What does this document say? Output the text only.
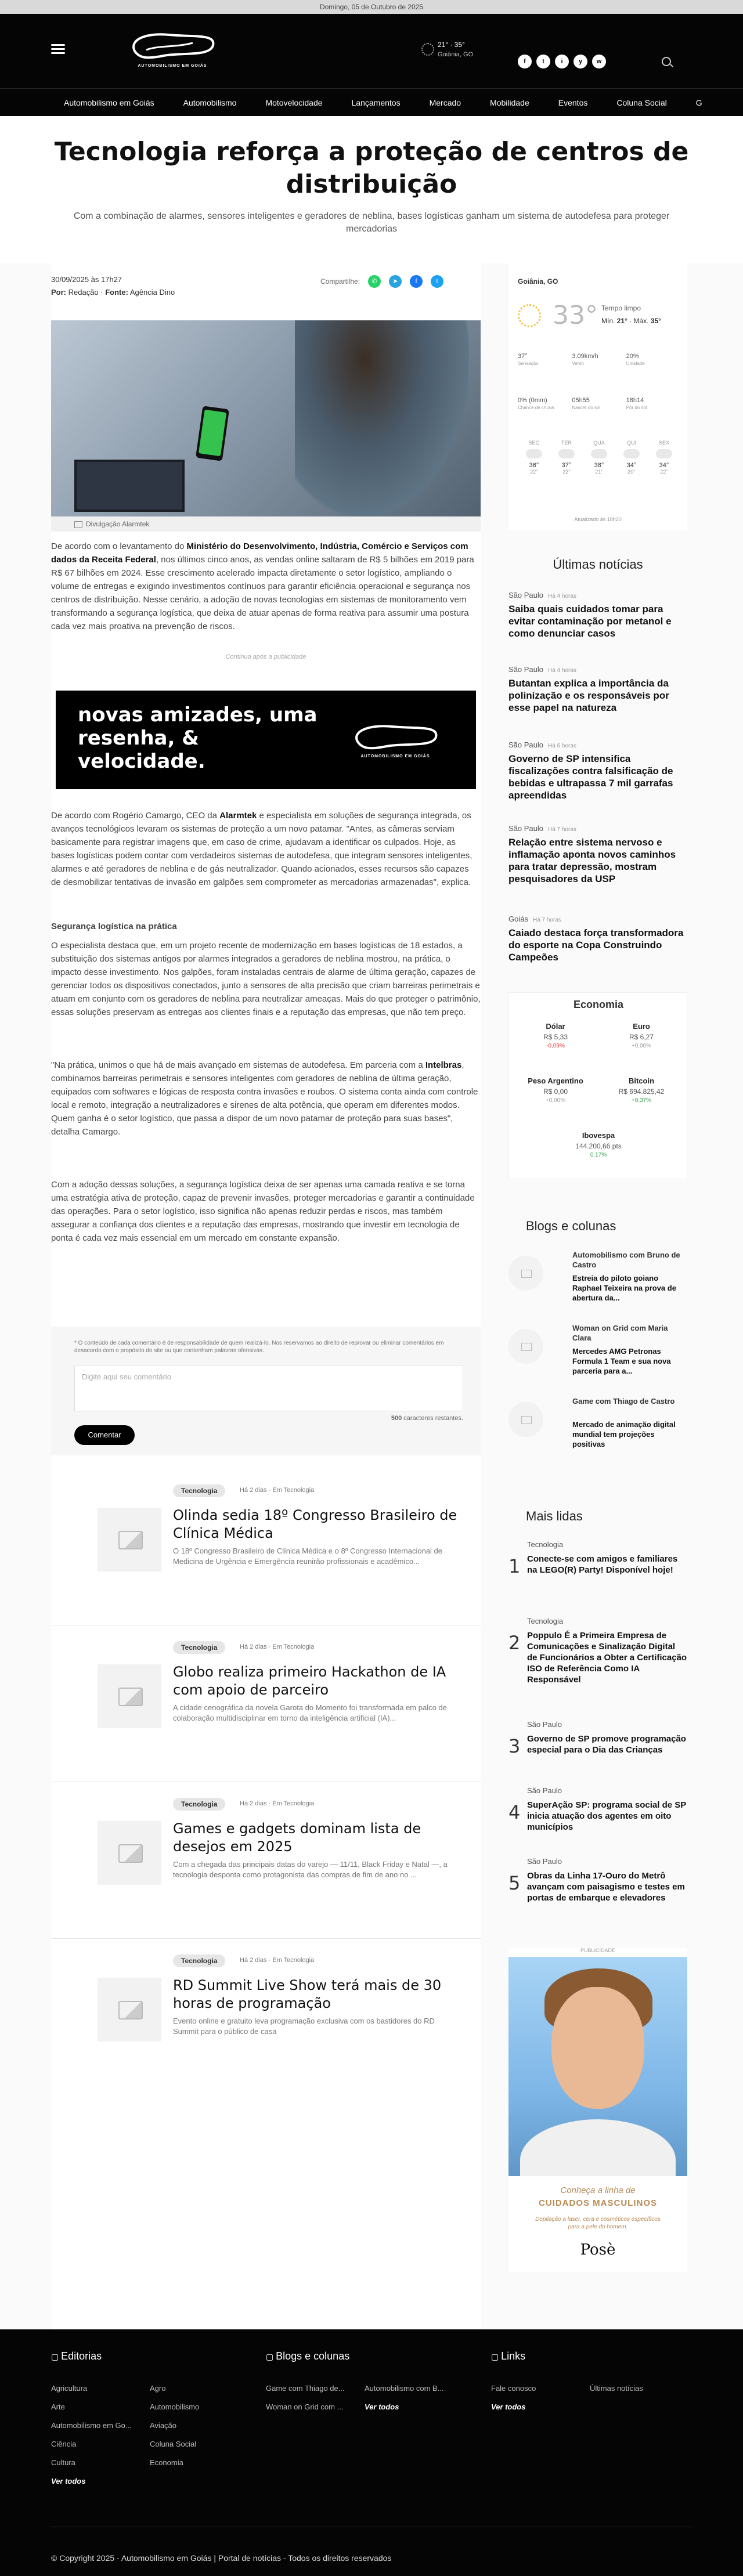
Domingo, 05 de Outubro de 2025
AUTOMOBILISMO EM GOIÁS
21° · 35°
Goiânia, GO
f	t	i	y	w
Automobilismo em Goiás	Automobilismo	Motovelocidade	Lançamentos	Mercado	Mobilidade	Eventos	Coluna Social	G
Tecnologia reforça a proteção de centros de distribuição

Com a combinação de alarmes, sensores inteligentes e geradores de neblina, bases logísticas ganham um sistema de autodefesa para proteger mercadorias

30/09/2025 às 17h27
Por: Redação · Fonte: Agência Dino
Compartilhe:	✆	➤	f	t
Divulgação Alarmtek
De acordo com o levantamento do Ministério do Desenvolvimento, Indústria, Comércio e Serviços com dados da Receita Federal, nos últimos cinco anos, as vendas online saltaram de R$ 5 bilhões em 2019 para R$ 67 bilhões em 2024. Esse crescimento acelerado impacta diretamente o setor logístico, ampliando o volume de entregas e exigindo investimentos contínuos para garantir eficiência operacional e segurança nos centros de distribuição. Nesse cenário, a adoção de novas tecnologias em sistemas de monitoramento vem transformando a segurança logística, que deixa de atuar apenas de forma reativa para assumir uma postura cada vez mais proativa na prevenção de riscos.
Continua após a publicidade
novas amizades, uma resenha, & velocidade.	AUTOMOBILISMO EM GOIÁS
De acordo com Rogério Camargo, CEO da Alarmtek e especialista em soluções de segurança integrada, os avanços tecnológicos levaram os sistemas de proteção a um novo patamar. "Antes, as câmeras serviam basicamente para registrar imagens que, em caso de crime, ajudavam a identificar os culpados. Hoje, as bases logísticas podem contar com verdadeiros sistemas de autodefesa, que integram sensores inteligentes, alarmes e até geradores de neblina e de gás neutralizador. Quando acionados, esses recursos são capazes de desmobilizar tentativas de invasão em galpões sem comprometer as mercadorias armazenadas", explica.
Segurança logística na prática
O especialista destaca que, em um projeto recente de modernização em bases logísticas de 18 estados, a substituição dos sistemas antigos por alarmes integrados a geradores de neblina mostrou, na prática, o impacto desse investimento. Nos galpões, foram instaladas centrais de alarme de última geração, capazes de gerenciar todos os dispositivos conectados, junto a sensores de alta precisão que criam barreiras perimetrais e atuam em conjunto com os geradores de neblina para neutralizar ameaças. Mais do que proteger o patrimônio, essas soluções preservam as entregas aos clientes finais e a reputação das empresas, que não tem preço.
"Na prática, unimos o que há de mais avançado em sistemas de autodefesa. Em parceria com a Intelbras, combinamos barreiras perimetrais e sensores inteligentes com geradores de neblina de última geração, equipados com softwares e lógicas de resposta contra invasões e roubos. O sistema conta ainda com controle local e remoto, integração a neutralizadores e sirenes de alta potência, que operam em diferentes modos. Quem ganha é o setor logístico, que passa a dispor de um novo patamar de proteção para suas bases", detalha Camargo.
Com a adoção dessas soluções, a segurança logística deixa de ser apenas uma camada reativa e se torna uma estratégia ativa de proteção, capaz de prevenir invasões, proteger mercadorias e garantir a continuidade das operações. Para o setor logístico, isso significa não apenas reduzir perdas e riscos, mas também assegurar a confiança dos clientes e a reputação das empresas, mostrando que investir em tecnologia de ponta é cada vez mais essencial em um mercado em constante expansão.
* O conteúdo de cada comentário é de responsabilidade de quem realizá-lo. Nos reservamos ao direito de reprovar ou eliminar comentários em desacordo com o propósito do site ou que contenham palavras ofensivas.
Digite aqui seu comentário
500 caracteres restantes.
Comentar
Tecnologia	Há 2 dias · Em Tecnologia
Olinda sedia 18º Congresso Brasileiro de Clínica Médica

O 18º Congresso Brasileiro de Clínica Médica e o 8º Congresso Internacional de Medicina de Urgência e Emergência reunirão profissionais e acadêmico...

Tecnologia	Há 2 dias · Em Tecnologia
Globo realiza primeiro Hackathon de IA com apoio de parceiro

A cidade cenográfica da novela Garota do Momento foi transformada em palco de colaboração multidisciplinar em torno da inteligência artificial (IA)...

Tecnologia	Há 2 dias · Em Tecnologia
Games e gadgets dominam lista de desejos em 2025

Com a chegada das principais datas do varejo — 11/11, Black Friday e Natal —, a tecnologia desponta como protagonista das compras de fim de ano no ...

Tecnologia	Há 2 dias · Em Tecnologia
RD Summit Live Show terá mais de 30 horas de programação

Evento online e gratuito leva programação exclusiva com os bastidores do RD Summit para o público de casa

Goiânia, GO
33° Tempo limpo
Mín. 21° · Máx. 35°
37°
Sensação
3.09km/h
Vento
20%
Umidade
0% (0mm)
Chance de chuva
05h55
Nascer do sol
18h14
Pôr do sol
SEG
36°
22°
TER
37°
22°
QUA
38°
21°
QUI
34°
20°
SEX
34°
22°
Atualizado às 18h20
Últimas notícias
São Paulo Há 4 horas
Saiba quais cuidados tomar para evitar contaminação por metanol e como denunciar casos
São Paulo Há 4 horas
Butantan explica a importância da polinização e os responsáveis por esse papel na natureza
São Paulo Há 6 horas
Governo de SP intensifica fiscalizações contra falsificação de bebidas e ultrapassa 7 mil garrafas apreendidas
São Paulo Há 7 horas
Relação entre sistema nervoso e inflamação aponta novos caminhos para tratar depressão, mostram pesquisadores da USP
Goiás Há 7 horas
Caiado destaca força transformadora do esporte na Copa Construindo Campeões
Economia
Dólar
R$ 5,33
-0,09%
Euro
R$ 6,27
+0,00%
Peso Argentino
R$ 0,00
+0,00%
Bitcoin
R$ 694.825,42
+0,37%
Ibovespa
144.200,66 pts
0.17%
Blogs e colunas
Automobilismo com Bruno de Castro
Estreia do piloto goiano Raphael Teixeira na prova de abertura da...
Woman on Grid com Maria Clara
Mercedes AMG Petronas Formula 1 Team e sua nova parceria para a...
Game com Thiago de Castro
Mercado de animação digital mundial tem projeções positivas
Mais lidas
Tecnologia
1 Conecte-se com amigos e familiares na LEGO(R) Party! Disponível hoje!
Tecnologia
2 Poppulo É a Primeira Empresa de Comunicações e Sinalização Digital de Funcionários a Obter a Certificação ISO de Referência Como IA Responsável
São Paulo
3 Governo de SP promove programação especial para o Dia das Crianças
São Paulo
4 SuperAção SP: programa social de SP inicia atuação dos agentes em oito municípios
São Paulo
5 Obras da Linha 17-Ouro do Metrô avançam com paisagismo e testes em portas de embarque e elevadores
PUBLICIDADE
Conheça a linha de
CUIDADOS MASCULINOS
Depilação a laser, cera e cosméticos específicos para a pele do homem.
Posè
▢ Editorias
Agricultura	Agro
Arte	Automobilismo
Automobilismo em Go... Aviação
Ciência	Coluna Social
Cultura	Economia
Ver todos
▢ Blogs e colunas
Game com Thiago de...	Automobilismo com B...
Woman on Grid com ...	Ver todos
▢ Links
Fale conosco	Últimas notícias
Ver todos
© Copyright 2025 - Automobilismo em Goiás | Portal de notícias - Todos os direitos reservados
